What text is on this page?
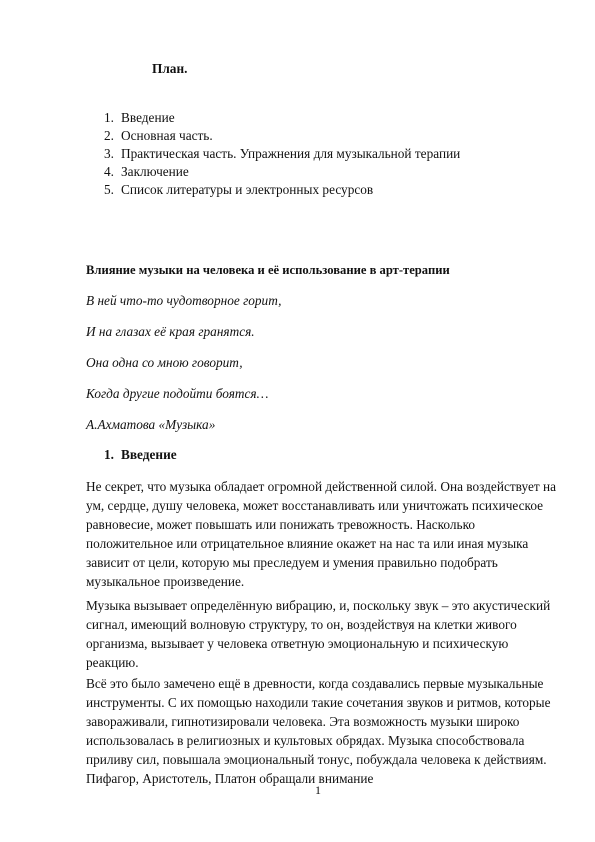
План.
1. Введение
2. Основная часть.
3. Практическая часть. Упражнения для музыкальной терапии
4. Заключение
5. Список литературы и электронных ресурсов
Влияние музыки на человека и её использование в арт-терапии
В ней что-то чудотворное горит,
И на глазах её края гранятся.
Она одна со мною говорит,
Когда другие подойти боятся…
А.Ахматова «Музыка»
1. Введение

Не секрет, что музыка обладает огромной действенной силой. Она воздействует на ум, сердце, душу человека, может восстанавливать или уничтожать психическое равновесие, может повышать или понижать тревожность. Насколько положительное или отрицательное влияние окажет на нас та или иная музыка зависит от цели, которую мы преследуем и умения правильно подобрать музыкальное произведение.

Музыка вызывает определённую вибрацию, и, поскольку звук – это акустический сигнал, имеющий волновую структуру, то он, воздействуя на клетки живого организма, вызывает у человека ответную эмоциональную и психическую реакцию.

Всё это было замечено ещё в древности, когда создавались первые музыкальные инструменты. С их помощью находили такие сочетания звуков и ритмов, которые завораживали, гипнотизировали человека. Эта возможность музыки широко использовалась в религиозных и культовых обрядах. Музыка способствовала приливу сил, повышала эмоциональный тонус, побуждала человека к действиям. Пифагор, Аристотель, Платон обращали внимание

1
